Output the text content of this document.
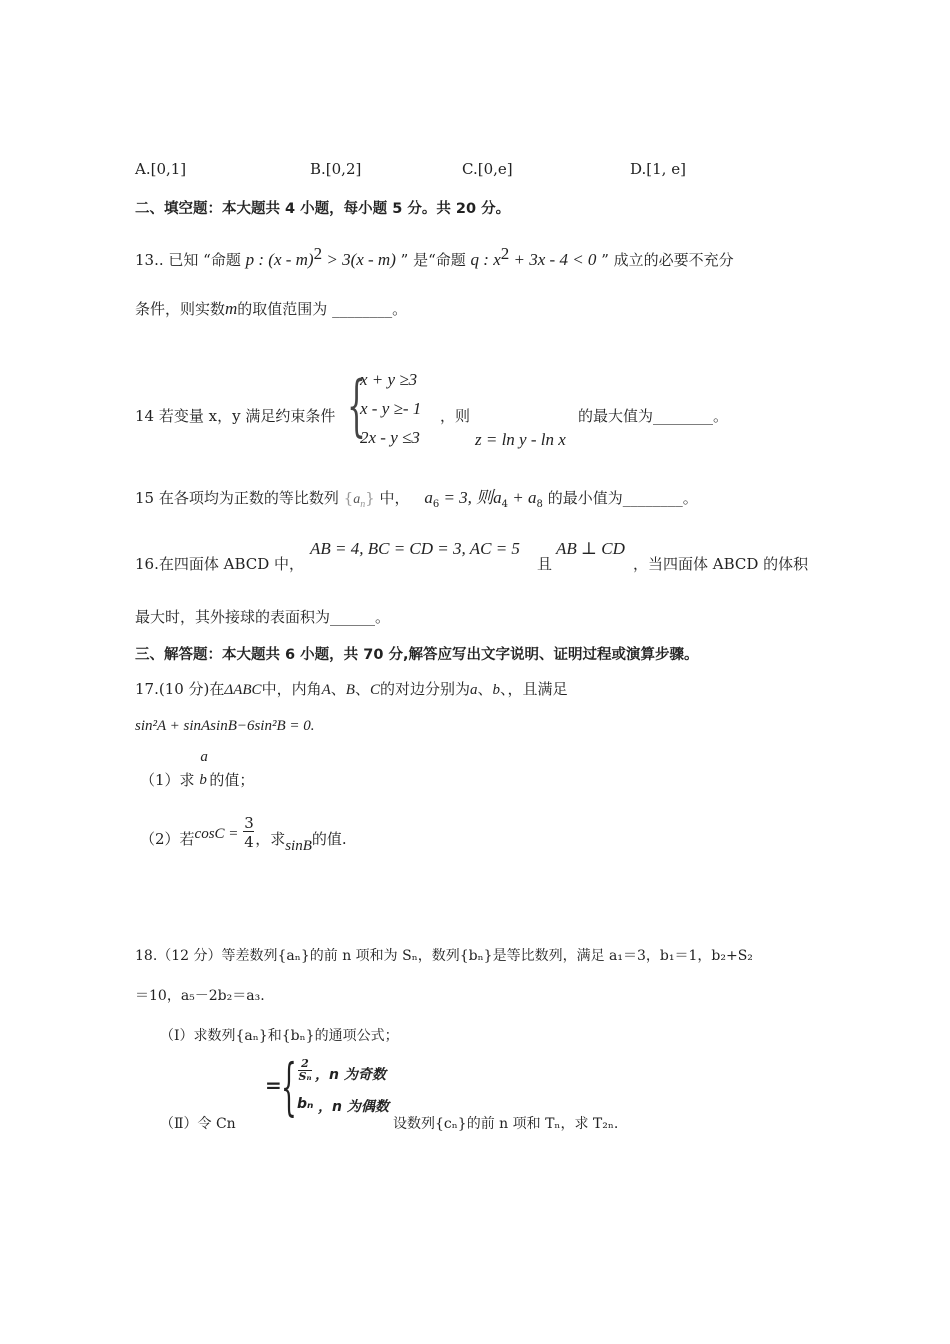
A.[0,1]	B.[0,2]	C.[0,e]	D.[1, e]
二、填空题：本大题共 4 小题，每小题 5 分。共 20 分。
13.. 已知 “命题 p : (x - m)$^2$ > 3(x - m) ” 是“命题 q : $x^2 + 3x - 4 < 0$ ” 成立的必要不充分
条件，则实数m的取值范围为 ________。
14 若变量 x，y 满足约束条件 {
x + y ≥3
x - y ≥- 1
2x - y ≤3
，则
z = ln y - ln x
的最大值为________。
15 在各项均为正数的等比数列 $\{a_n\}$ 中， $a_6 = 3$, 则$a_4 + a_8$ 的最小值为________。
16.在四面体 ABCD 中，
AB = 4, BC = CD = 3, AC = 5
且
AB ⊥ CD
，当四面体 ABCD 的体积
最大时，其外接球的表面积为______。
三、解答题：本大题共 6 小题，共 70 分,解答应写出文字说明、证明过程或演算步骤。
17.(10 分)在ΔABC中，内角A、B、C的对边分别为a、b、，且满足
sin²A + sinAsinB−6sin²B = 0.
（1）求
a
b 的值；
（2）若$\cos C = \frac{3}{4}$ ，求sinB的值.
18.（12 分）等差数列{aₙ}的前 n 项和为 Sₙ，数列{bₙ}是等比数列，满足 a₁＝3，b₁＝1，b₂+S₂
＝10，a₅－2b₂＝a₃.
（Ⅰ）求数列{aₙ}和{bₙ}的通项公式；
（Ⅱ）令 Cn
= { $\frac{2}{\text{Sₙ}}$ ，n 为奇数
bₙ ，n 为偶数
设数列{cₙ}的前 n 项和 Tₙ，求 T₂ₙ.
